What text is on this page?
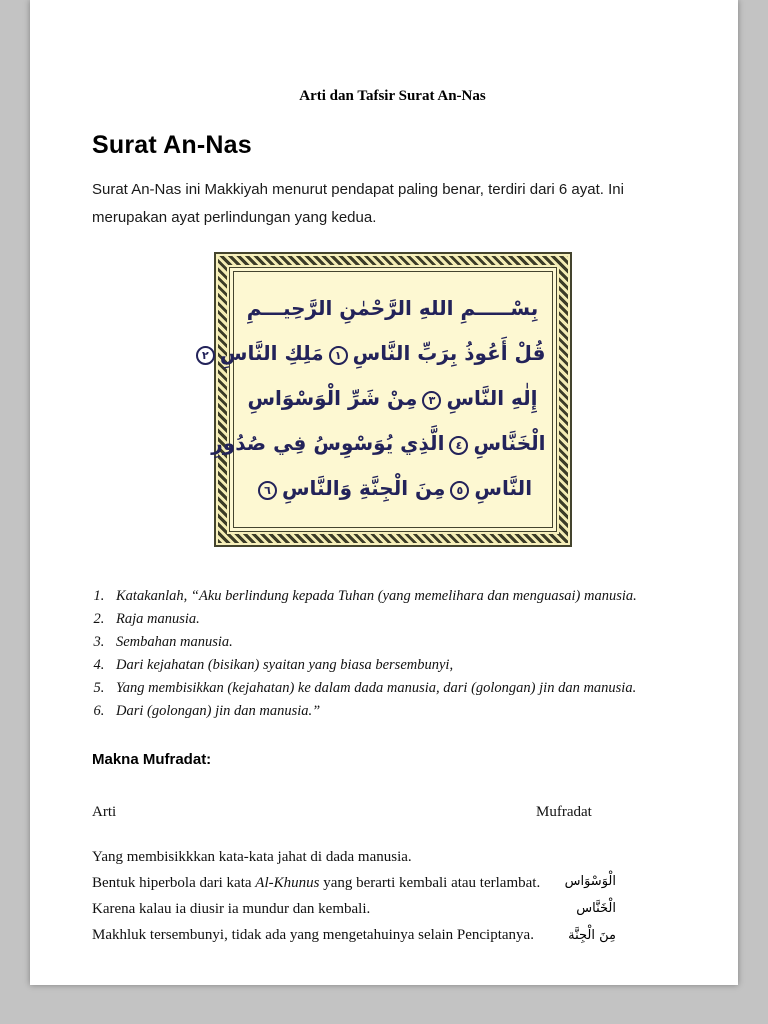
Arti dan Tafsir Surat An-Nas
Surat An-Nas

Surat An-Nas ini Makkiyah menurut pendapat paling benar, terdiri dari 6 ayat. Ini merupakan ayat perlindungan yang kedua.

بِسْـــــمِ اللهِ الرَّحْمٰنِ الرَّحِيـــمِ
قُلْ أَعُوذُ بِرَبِّ النَّاسِ١مَلِكِ النَّاسِ٢
إِلٰهِ النَّاسِ٣مِنْ شَرِّ الْوَسْوَاسِ
الْخَنَّاسِ٤الَّذِي يُوَسْوِسُ فِي صُدُورِ
النَّاسِ٥مِنَ الْجِنَّةِ وَالنَّاسِ٦
1. Katakanlah, “Aku berlindung kepada Tuhan (yang memelihara dan menguasai) manusia.
2. Raja manusia.
3. Sembahan manusia.
4. Dari kejahatan (bisikan) syaitan yang biasa bersembunyi,
5. Yang membisikkan (kejahatan) ke dalam dada manusia, dari (golongan) jin dan manusia.
6. Dari (golongan) jin dan manusia.”
Makna Mufradat:
Arti

Yang membisikkkan kata-kata jahat di dada manusia.

Bentuk hiperbola dari kata Al-Khunus yang berarti kembali atau terlambat. Karena kalau ia diusir ia mundur dan kembali.

Makhluk tersembunyi, tidak ada yang mengetahuinya selain Penciptanya.

Mufradat
الْوَسْوَاس
الْخَنَّاس
مِنَ الْجِنَّة
